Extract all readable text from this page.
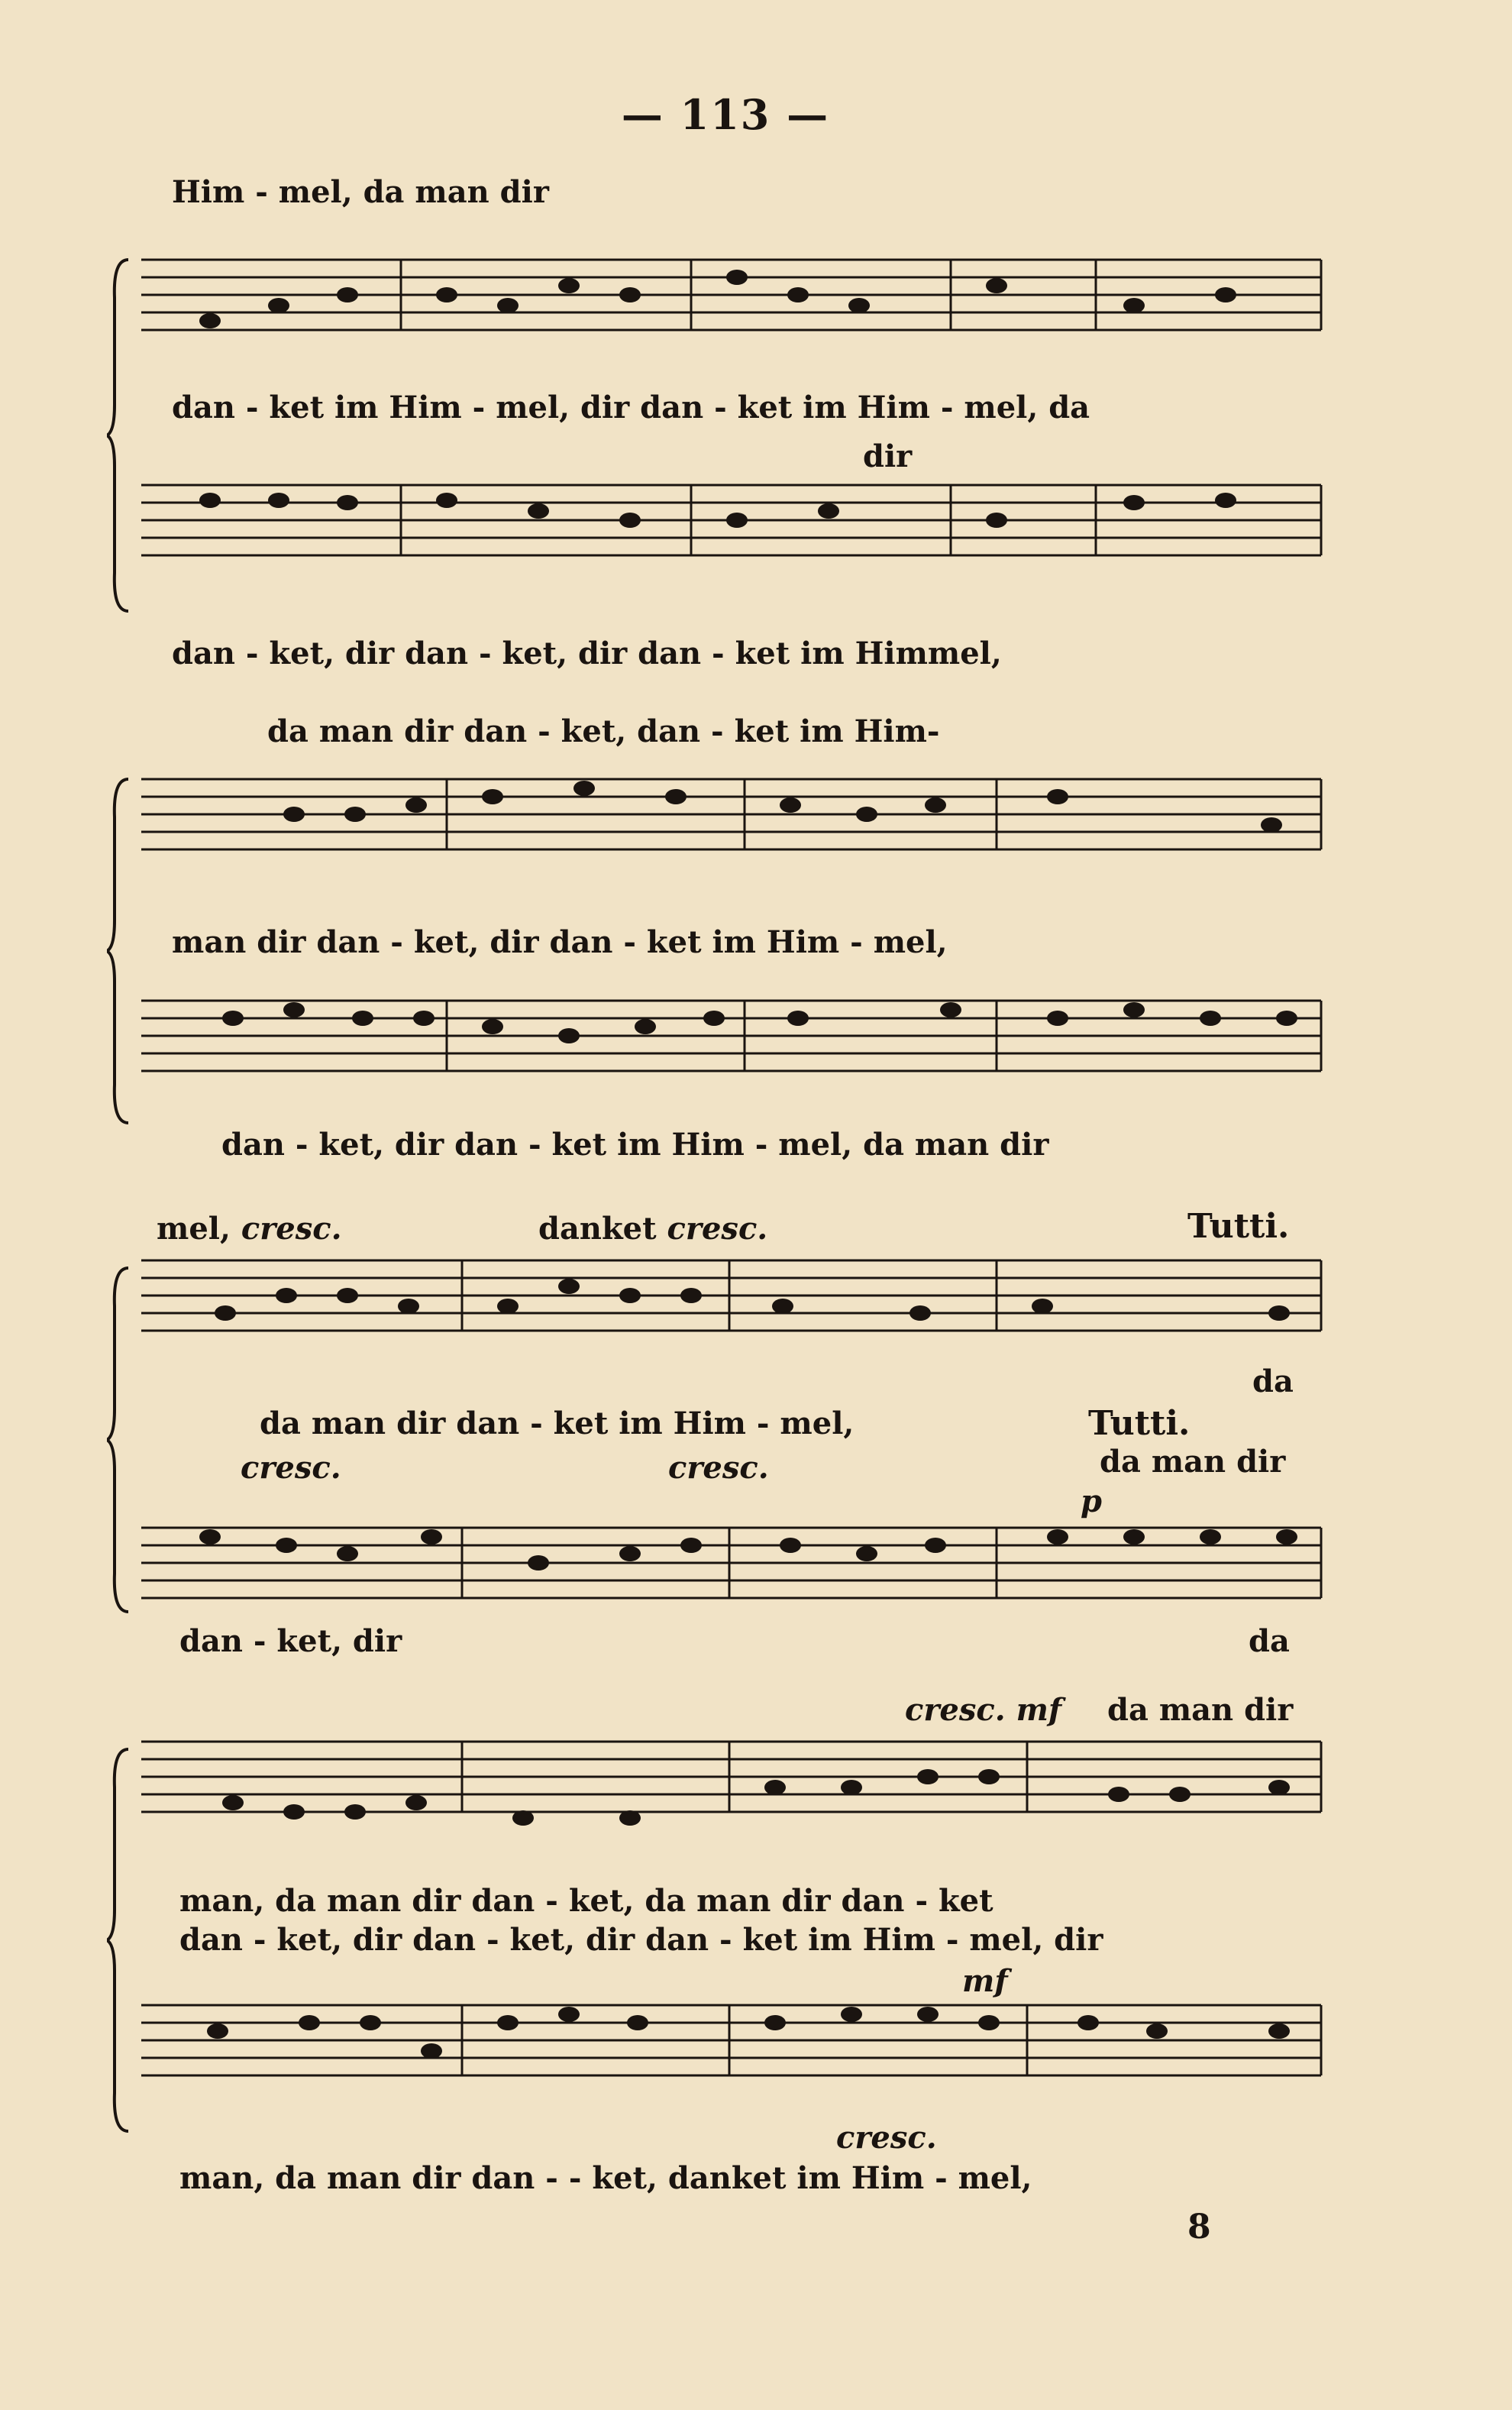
— 113 —
Him - mel, da man dir
dan - ket im Him - mel, dir dan - ket im Him - mel, da
dir
dan - ket, dir dan - ket, dir dan - ket im Himmel,
da man dir dan - ket, dan - ket im Him-
man dir dan - ket, dir dan - ket im Him - mel,
dan - ket, dir dan - ket im Him - mel, da man dir
mel, cresc.	danket cresc.	Tutti.
da
da man dir dan - ket im Him - mel,	Tutti.
cresc.	cresc.	da man dir
p
dan - ket, dir	da
cresc. mf da man dir
man, da man dir dan - ket, da man dir dan - ket
dan - ket, dir dan - ket, dir dan - ket im Him - mel, dir
mf
cresc.
man, da man dir dan - - ket, danket im Him - mel,
8
